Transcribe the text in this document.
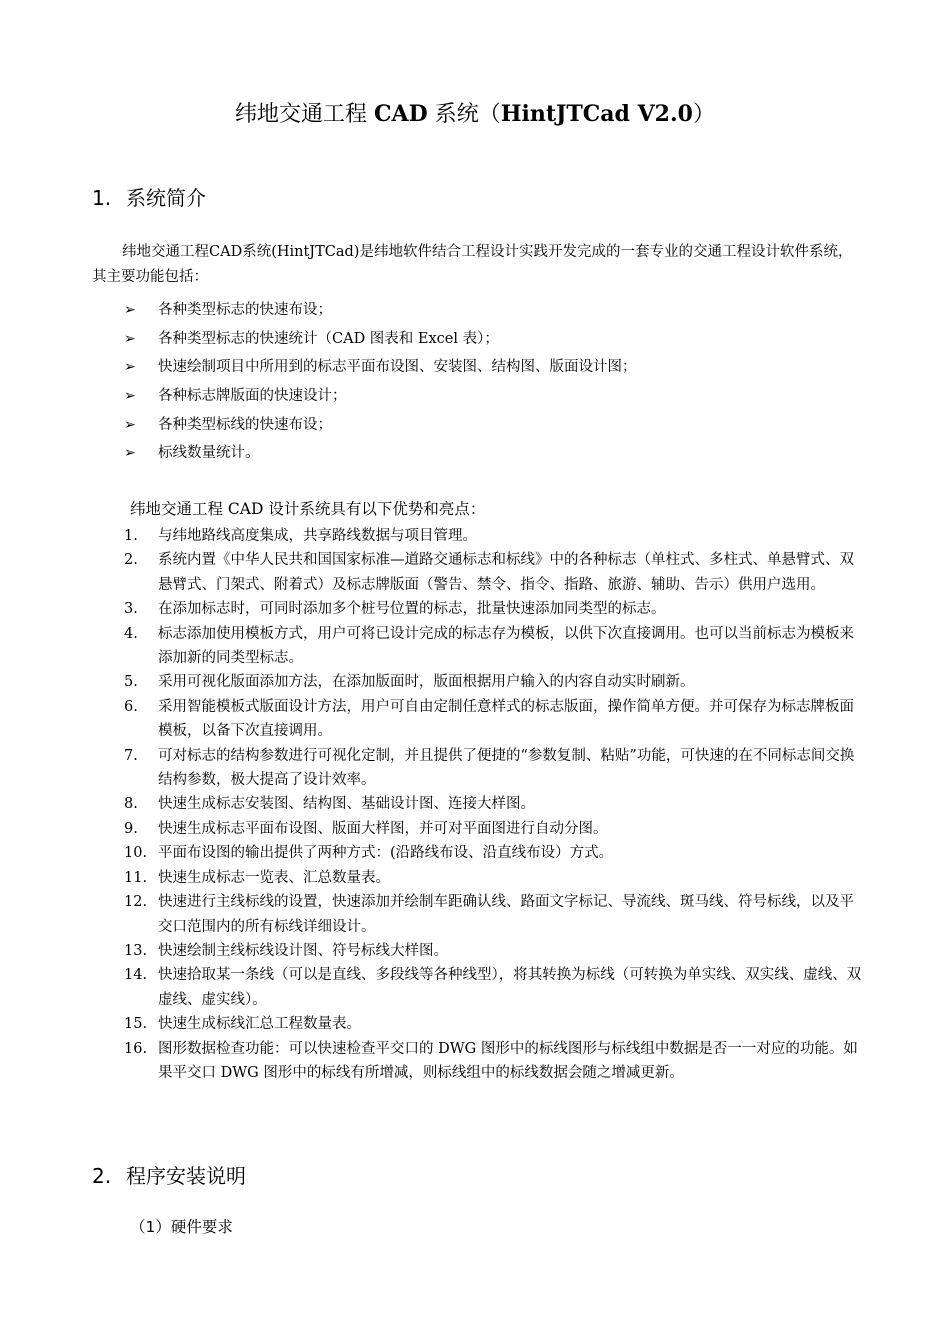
纬地交通工程 CAD 系统（HintJTCad V2.0）
1. 系统简介
纬地交通工程CAD系统(HintJTCad)是纬地软件结合工程设计实践开发完成的一套专业的交通工程设计软件系统，其主要功能包括：
➢ 各种类型标志的快速布设；
➢ 各种类型标志的快速统计（CAD 图表和 Excel 表）；
➢ 快速绘制项目中所用到的标志平面布设图、安装图、结构图、版面设计图；
➢ 各种标志牌版面的快速设计；
➢ 各种类型标线的快速布设；
➢ 标线数量统计。
纬地交通工程 CAD 设计系统具有以下优势和亮点：
1. 与纬地路线高度集成，共享路线数据与项目管理。
2. 系统内置《中华人民共和国国家标准—道路交通标志和标线》中的各种标志（单柱式、多柱式、单悬臂式、双悬臂式、门架式、附着式）及标志牌版面（警告、禁令、指令、指路、旅游、辅助、告示）供用户选用。
3. 在添加标志时，可同时添加多个桩号位置的标志，批量快速添加同类型的标志。
4. 标志添加使用模板方式，用户可将已设计完成的标志存为模板，以供下次直接调用。也可以当前标志为模板来添加新的同类型标志。
5. 采用可视化版面添加方法，在添加版面时，版面根据用户输入的内容自动实时刷新。
6. 采用智能模板式版面设计方法，用户可自由定制任意样式的标志版面，操作简单方便。并可保存为标志牌板面模板，以备下次直接调用。
7. 可对标志的结构参数进行可视化定制，并且提供了便捷的“参数复制、粘贴”功能，可快速的在不同标志间交换结构参数，极大提高了设计效率。
8. 快速生成标志安装图、结构图、基础设计图、连接大样图。
9. 快速生成标志平面布设图、版面大样图，并可对平面图进行自动分图。
10. 平面布设图的输出提供了两种方式：(沿路线布设、沿直线布设）方式。
11. 快速生成标志一览表、汇总数量表。
12. 快速进行主线标线的设置，快速添加并绘制车距确认线、路面文字标记、导流线、斑马线、符号标线，以及平交口范围内的所有标线详细设计。
13. 快速绘制主线标线设计图、符号标线大样图。
14. 快速拾取某一条线（可以是直线、多段线等各种线型），将其转换为标线（可转换为单实线、双实线、虚线、双虚线、虚实线）。
15. 快速生成标线汇总工程数量表。
16. 图形数据检查功能：可以快速检查平交口的 DWG 图形中的标线图形与标线组中数据是否一一对应的功能。如果平交口 DWG 图形中的标线有所增减，则标线组中的标线数据会随之增减更新。
2. 程序安装说明
（1）硬件要求
